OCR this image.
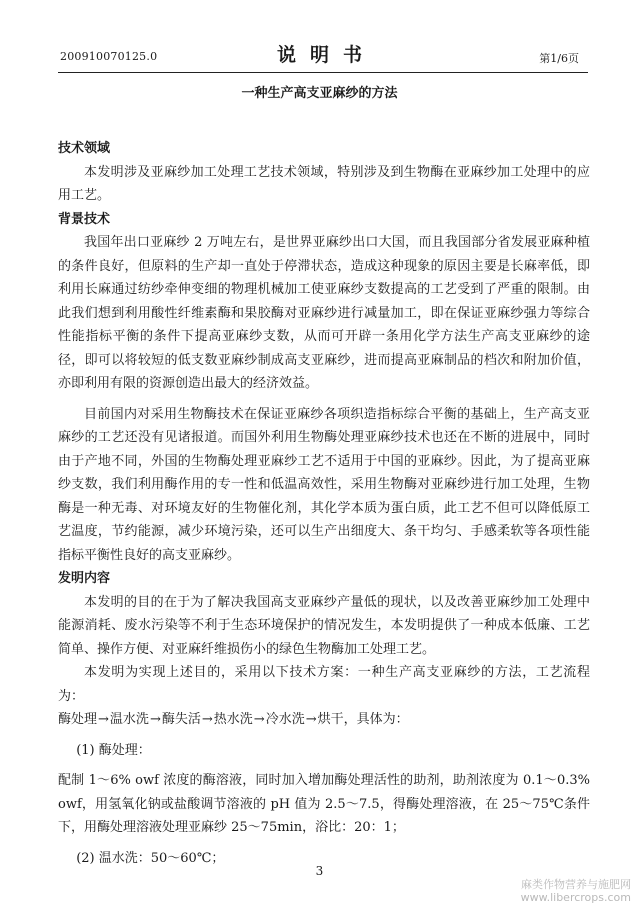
200910070125.0	说明书	第1/6页
一种生产高支亚麻纱的方法

技术领域

本发明涉及亚麻纱加工处理工艺技术领域，特别涉及到生物酶在亚麻纱加工处理中的应用工艺。

背景技术

我国年出口亚麻纱 2 万吨左右，是世界亚麻纱出口大国，而且我国部分省发展亚麻种植的条件良好，但原料的生产却一直处于停滞状态，造成这种现象的原因主要是长麻率低，即利用长麻通过纺纱牵伸变细的物理机械加工使亚麻纱支数提高的工艺受到了严重的限制。由此我们想到利用酸性纤维素酶和果胶酶对亚麻纱进行减量加工，即在保证亚麻纱强力等综合性能指标平衡的条件下提高亚麻纱支数，从而可开辟一条用化学方法生产高支亚麻纱的途径，即可以将较短的低支数亚麻纱制成高支亚麻纱，进而提高亚麻制品的档次和附加价值，亦即利用有限的资源创造出最大的经济效益。

目前国内对采用生物酶技术在保证亚麻纱各项织造指标综合平衡的基础上，生产高支亚麻纱的工艺还没有见诸报道。而国外利用生物酶处理亚麻纱技术也还在不断的进展中，同时由于产地不同，外国的生物酶处理亚麻纱工艺不适用于中国的亚麻纱。因此，为了提高亚麻纱支数，我们利用酶作用的专一性和低温高效性，采用生物酶对亚麻纱进行加工处理，生物酶是一种无毒、对环境友好的生物催化剂，其化学本质为蛋白质，此工艺不但可以降低原工艺温度，节约能源，减少环境污染，还可以生产出细度大、条干均匀、手感柔软等各项性能指标平衡性良好的高支亚麻纱。

发明内容

本发明的目的在于为了解决我国高支亚麻纱产量低的现状，以及改善亚麻纱加工处理中能源消耗、废水污染等不利于生态环境保护的情况发生，本发明提供了一种成本低廉、工艺简单、操作方便、对亚麻纤维损伤小的绿色生物酶加工处理工艺。

本发明为实现上述目的，采用以下技术方案：一种生产高支亚麻纱的方法，工艺流程为：

酶处理→温水洗→酶失活→热水洗→冷水洗→烘干，具体为：

(1) 酶处理：

配制 1～6% owf 浓度的酶溶液，同时加入增加酶处理活性的助剂，助剂浓度为 0.1～0.3% owf，用氢氧化钠或盐酸调节溶液的 pH 值为 2.5～7.5，得酶处理溶液，在 25～75℃条件下，用酶处理溶液处理亚麻纱 25～75min，浴比：20：1；

(2) 温水洗：50～60℃；

3
麻类作物营养与施肥网
www.libercrops.com
